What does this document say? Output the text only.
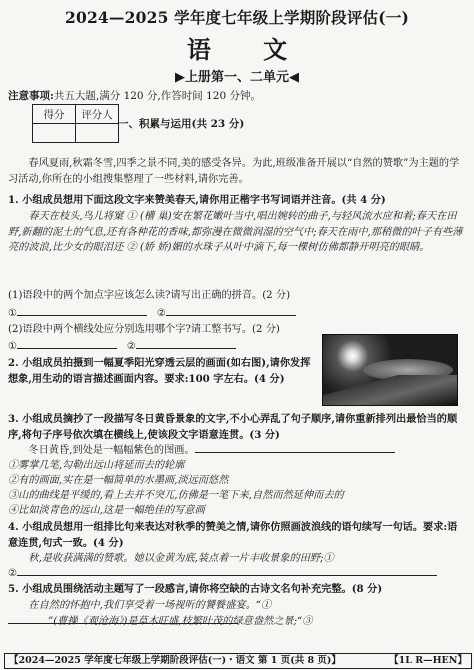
2024—2025 学年度七年级上学期阶段评估(一)
语 文
▶上册第一、二单元◀
注意事项:共五大题,满分 120 分,作答时间 120 分钟。
得分	评分人

一、积累与运用(共 23 分)
春风夏雨,秋霜冬雪,四季之景不同,美的感受各异。为此,班级准备开展以“自然的赞歌”为主题的学习活动,你所在的小组搜集整理了一些材料,请你完善。
1. 小组成员想用下面这段文字来赞美春天,请你用正楷字书写词语并注音。(共 4 分)
春天在枝头,鸟儿将窠 ① (槽 巢)安在繁花嫩叶当中,唱出婉转的曲子,与轻风流水应和着;春天在田野,新翻的泥土的气息,还有各种花的香味,都弥漫在微微润湿的空气中;春天在雨中,那稍微的叶子有些薄亮的波浪,比少女的眼泪还 ② (娇 娇)媚的水珠子从叶中滴下,每一棵树仿佛都静开明亮的眼睛。
(1)语段中的两个加点字应该怎么读?请写出正确的拼音。(2 分)
①	②
(2)语段中两个横线处应分别选用哪个字?请工整书写。(2 分)
①	②
2. 小组成员拍摄到一幅夏季阳光穿透云层的画面(如右图),请你发挥想象,用生动的语言描述画面内容。要求:100 字左右。(4 分)
3. 小组成员摘抄了一段描写冬日黄昏景象的文字,不小心弄乱了句子顺序,请你重新排列出最恰当的顺序,将句子序号依次填在横线上,使该段文字语意连贯。(3 分)
冬日黄昏,到处是一幅幅紫色的图画。
①雾掌几笔,勾勒出远山将延而去的轮廓
②有的画面,实在是一幅简单的水墨画,淡远而悠然
③山的曲线是平缓的,看上去并不突兀,仿佛是一笔下来,自然而然延伸而去的
④比如淡青色的远山,这是一幅绝佳的写意画
4. 小组成员想用一组排比句来表达对秋季的赞美之情,请你仿照画波浪线的语句续写一句话。要求:语意连贯,句式一致。(4 分)
秋,是收获满满的赞歌。她以金黄为底,装点着一片丰收景象的田野;①
②
5. 小组成员围绕活动主题写了一段感言,请你将空缺的古诗文名句补充完整。(8 分)
在自然的怀抱中,我们享受着一场视听的饕餮盛宴。“①
”(曹操《观沧海》)是草木旺盛,枝繁叶茂的绿意盎然之景;“③
【2024—2025 学年度七年级上学期阶段评估(一)・语文 第 1 页(共 8 页)】	【1L R—HEN】
